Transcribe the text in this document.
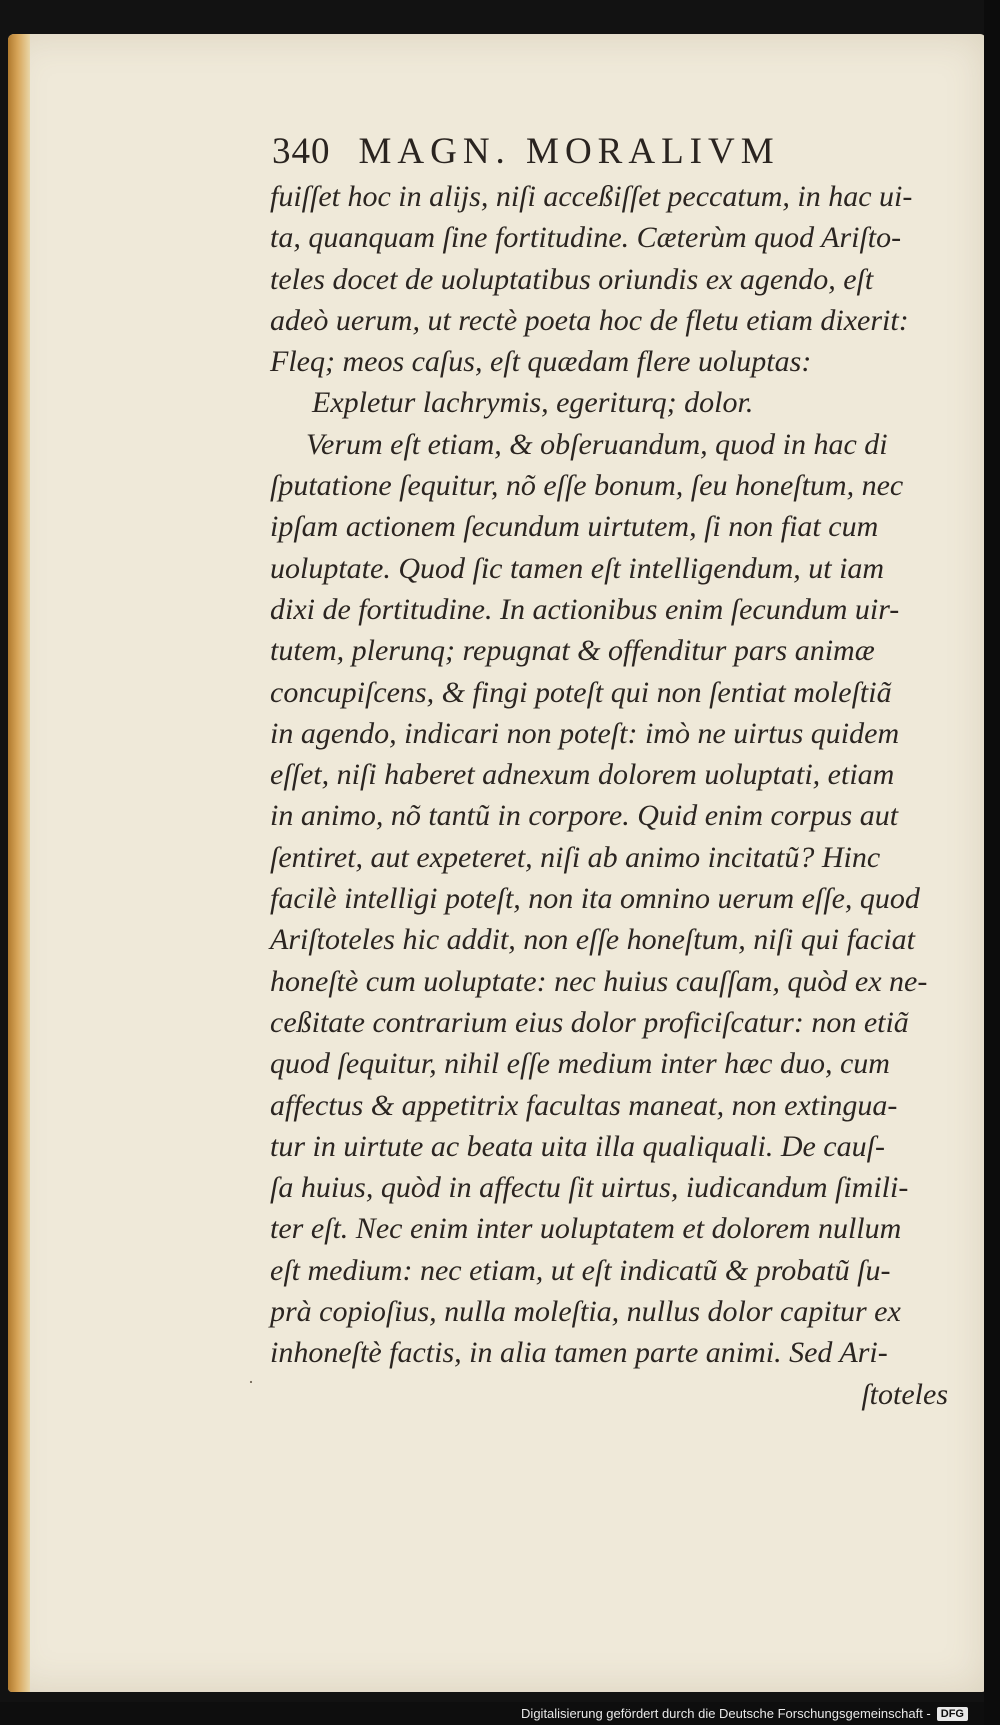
340 MAGN. MORALIVM
fuiſſet hoc in alijs, niſi acceßiſſet peccatum, in hac ui-
ta, quanquam ſine fortitudine. Cæterùm quod Ariſto-
teles docet de uoluptatibus oriundis ex agendo, eſt
adeò uerum, ut rectè poeta hoc de fletu etiam dixerit:
Fleq; meos caſus, eſt quædam flere uoluptas:
Expletur lachrymis, egeriturq; dolor.
Verum eſt etiam, & obſeruandum, quod in hac di
ſputatione ſequitur, nõ eſſe bonum, ſeu honeſtum, nec
ipſam actionem ſecundum uirtutem, ſi non fiat cum
uoluptate. Quod ſic tamen eſt intelligendum, ut iam
dixi de fortitudine. In actionibus enim ſecundum uir-
tutem, plerunq; repugnat & offenditur pars animæ
concupiſcens, & fingi poteſt qui non ſentiat moleſtiã
in agendo, indicari non poteſt: imò ne uirtus quidem
eſſet, niſi haberet adnexum dolorem uoluptati, etiam
in animo, nõ tantũ in corpore. Quid enim corpus aut
ſentiret, aut expeteret, niſi ab animo incitatũ? Hinc
facilè intelligi poteſt, non ita omnino uerum eſſe, quod
Ariſtoteles hic addit, non eſſe honeſtum, niſi qui faciat
honeſtè cum uoluptate: nec huius cauſſam, quòd ex ne-
ceßitate contrarium eius dolor proficiſcatur: non etiã
quod ſequitur, nihil eſſe medium inter hæc duo, cum
affectus & appetitrix facultas maneat, non extingua-
tur in uirtute ac beata uita illa qualiquali. De cauſ-
ſa huius, quòd in affectu ſit uirtus, iudicandum ſimili-
ter eſt. Nec enim inter uoluptatem et dolorem nullum
eſt medium: nec etiam, ut eſt indicatũ & probatũ ſu-
prà copioſius, nulla moleſtia, nullus dolor capitur ex
inhoneſtè factis, in alia tamen parte animi. Sed Ari-
ſtoteles
·
Digitalisierung gefördert durch die Deutsche Forschungsgemeinschaft - DFG
